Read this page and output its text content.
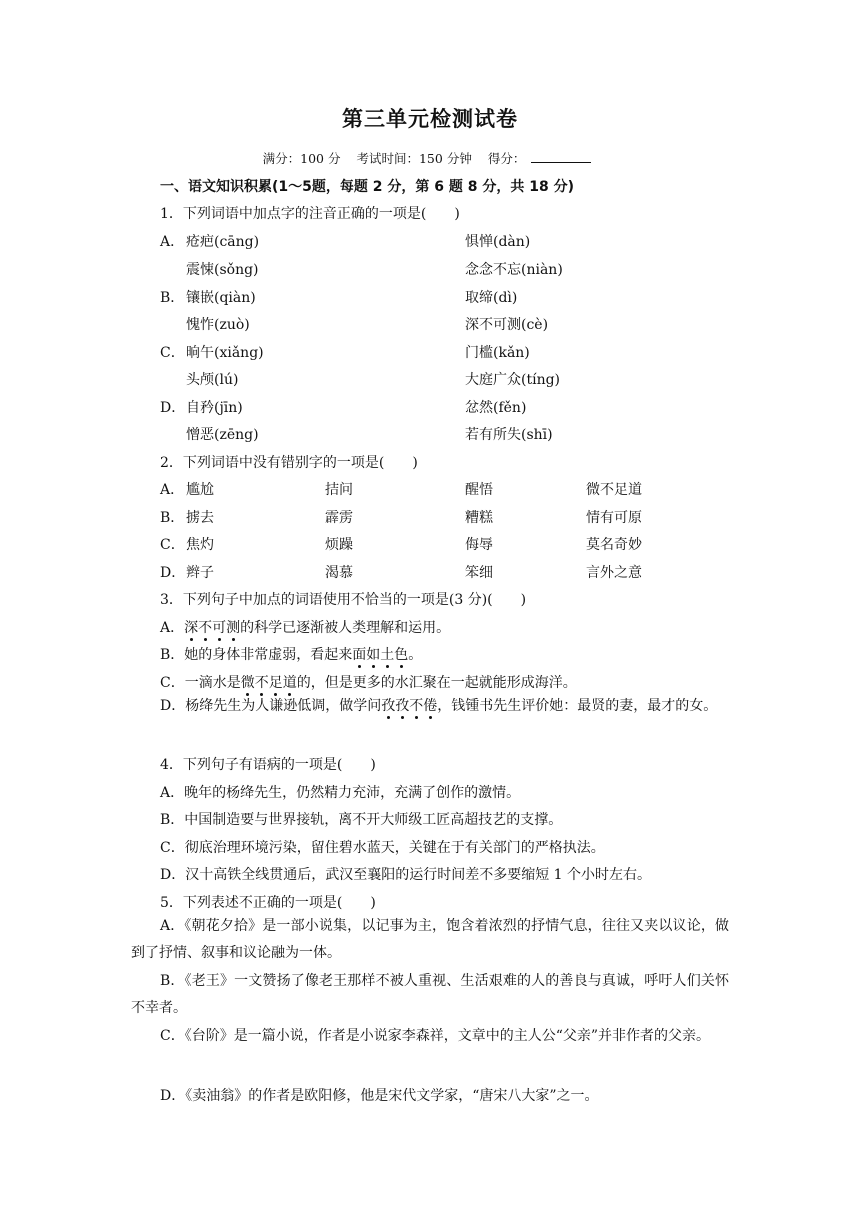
第三单元检测试卷
满分：100 分 考试时间：150 分钟 得分：
一、语文知识积累(1～5题，每题 2 分，第 6 题 8 分，共 18 分)
1．下列词语中加点字的注音正确的一项是(　　)
A． 疮疤(cāng)	惧惮(dàn)
震悚(sǒng)	念念不忘(niàn)
B． 镶嵌(qiàn)	取缔(dì)
愧怍(zuò)	深不可测(cè)
C． 晌午(xiǎng)	门槛(kǎn)
头颅(lú)	大庭广众(tíng)
D． 自矜(jīn)	忿然(fěn)
憎恶(zēng)	若有所失(shī)
2．下列词语中没有错别字的一项是(　　)
A． 尴尬	拮问	醒悟	微不足道
B． 掳去	霹雳	糟糕	情有可原
C． 焦灼	烦躁	侮辱	莫名奇妙
D． 辫子	渴慕	笨细	言外之意
3．下列句子中加点的词语使用不恰当的一项是(3 分)(　　)
A．深不可测的科学已逐渐被人类理解和运用。
B．她的身体非常虚弱，看起来面如土色。
C．一滴水是微不足道的，但是更多的水汇聚在一起就能形成海洋。
D．杨绛先生为人谦逊低调，做学问孜孜不倦，钱锺书先生评价她：最贤的妻，最才的女。
4．下列句子有语病的一项是(　　)
A．晚年的杨绛先生，仍然精力充沛，充满了创作的激情。
B．中国制造要与世界接轨，离不开大师级工匠高超技艺的支撑。
C．彻底治理环境污染，留住碧水蓝天，关键在于有关部门的严格执法。
D．汉十高铁全线贯通后，武汉至襄阳的运行时间差不多要缩短 1 个小时左右。
5．下列表述不正确的一项是(　　)
A．《朝花夕拾》是一部小说集，以记事为主，饱含着浓烈的抒情气息，往往又夹以议论，做到了抒情、叙事和议论融为一体。
B．《老王》一文赞扬了像老王那样不被人重视、生活艰难的人的善良与真诚，呼吁人们关怀不幸者。
C．《台阶》是一篇小说，作者是小说家李森祥，文章中的主人公“父亲”并非作者的父亲。
D．《卖油翁》的作者是欧阳修，他是宋代文学家，“唐宋八大家”之一。
